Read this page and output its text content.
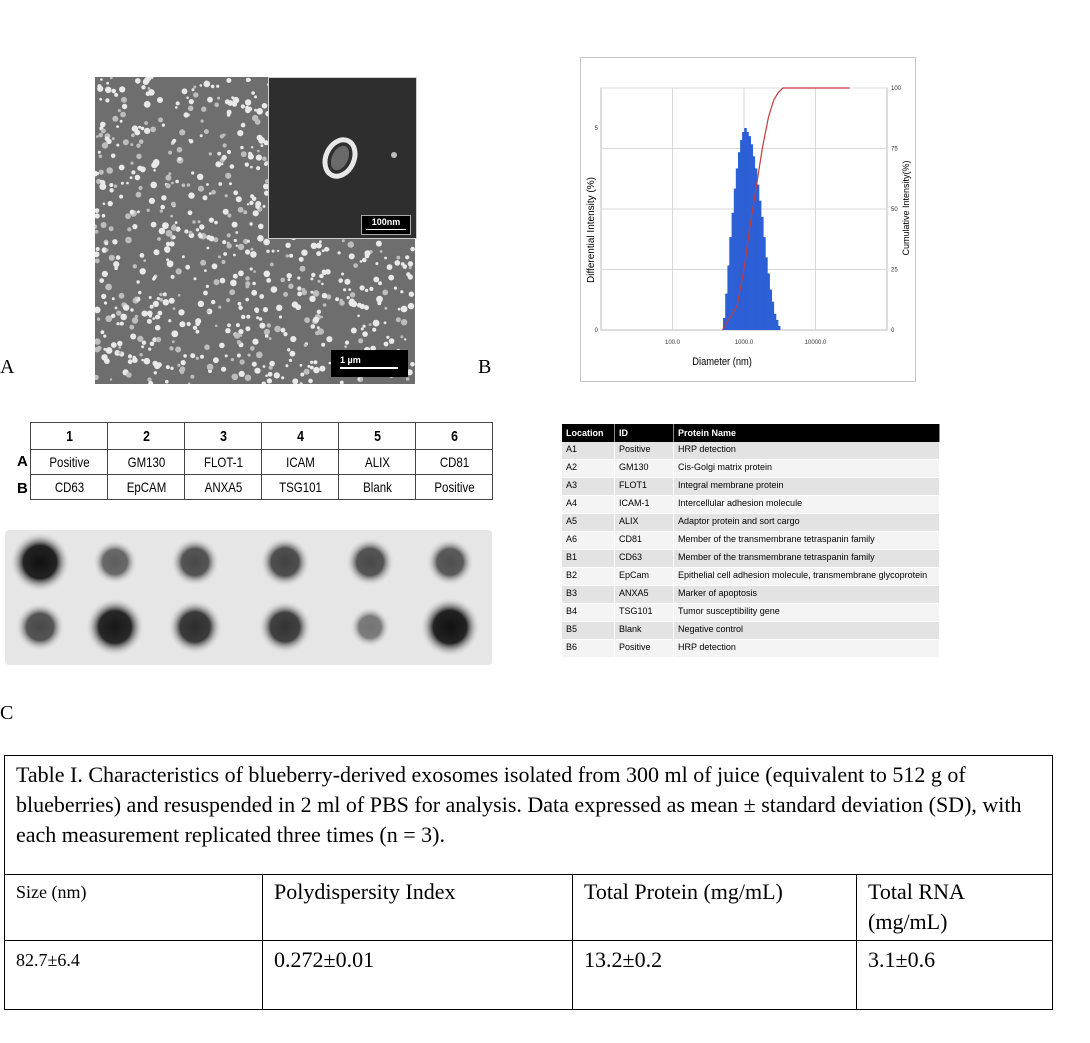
A	B
C
100nm
1 µm
100.0	1000.0	10000.0
0
5
0
25
50
75
100
Diameter (nm)
Differential Intensity (%)	Cumulative Intensity(%)
A
B
1	2	3	4	5	6
Positive	GM130	FLOT-1	ICAM	ALIX	CD81
CD63	EpCAM	ANXA5	TSG101	Blank	Positive
Location	ID	Protein Name
A1	Positive	HRP detection
A2	GM130	Cis-Golgi matrix protein
A3	FLOT1	Integral membrane protein
A4	ICAM-1	Intercellular adhesion molecule
A5	ALIX	Adaptor protein and sort cargo
A6	CD81	Member of the transmembrane tetraspanin family
B1	CD63	Member of the transmembrane tetraspanin family
B2	EpCam	Epithelial cell adhesion molecule, transmembrane glycoprotein
B3	ANXA5	Marker of apoptosis
B4	TSG101	Tumor susceptibility gene
B5	Blank	Negative control
B6	Positive	HRP detection
Table I. Characteristics of blueberry-derived exosomes isolated from 300 ml of juice (equivalent to 512 g of blueberries) and resuspended in 2 ml of PBS for analysis. Data expressed as mean ± standard deviation (SD), with each measurement replicated three times (n = 3).
Size (nm)	Polydispersity Index	Total Protein (mg/mL)	Total RNA (mg/mL)
82.7±6.4	0.272±0.01	13.2±0.2	3.1±0.6
